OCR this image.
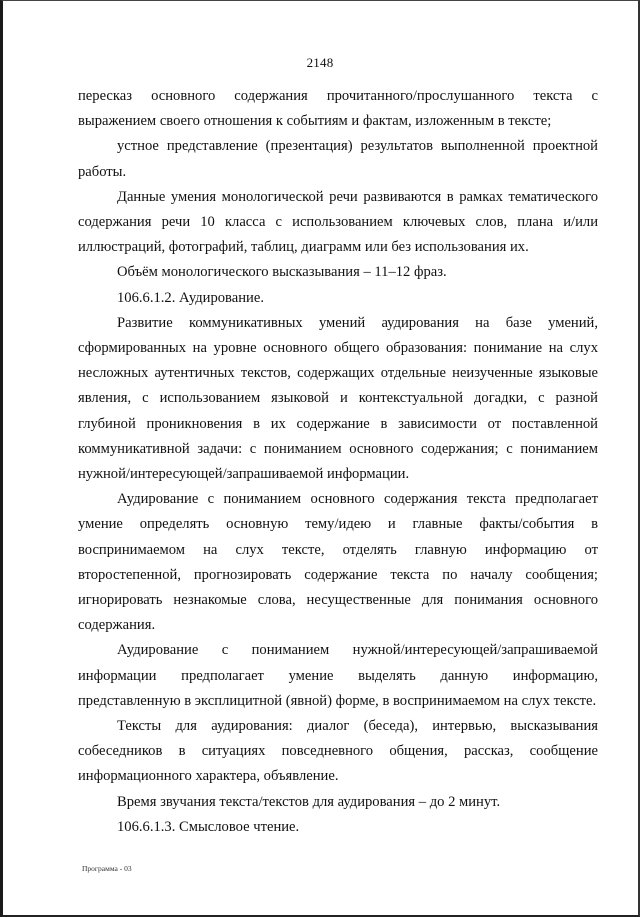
2148

пересказ основного содержания прочитанного/прослушанного текста с выражением своего отношения к событиям и фактам, изложенным в тексте;

устное представление (презентация) результатов выполненной проектной работы.

Данные умения монологической речи развиваются в рамках тематического содержания речи 10 класса с использованием ключевых слов, плана и/или иллюстраций, фотографий, таблиц, диаграмм или без использования их.

Объём монологического высказывания – 11–12 фраз.

106.6.1.2. Аудирование.

Развитие коммуникативных умений аудирования на базе умений, сформированных на уровне основного общего образования: понимание на слух несложных аутентичных текстов, содержащих отдельные неизученные языковые явления, с использованием языковой и контекстуальной догадки, с разной глубиной проникновения в их содержание в зависимости от поставленной коммуникативной задачи: с пониманием основного содержания; с пониманием нужной/интересующей/запрашиваемой информации.

Аудирование с пониманием основного содержания текста предполагает умение определять основную тему/идею и главные факты/события в воспринимаемом на слух тексте, отделять главную информацию от второстепенной, прогнозировать содержание текста по началу сообщения; игнорировать незнакомые слова, несущественные для понимания основного содержания.

Аудирование с пониманием нужной/интересующей/запрашиваемой информации предполагает умение выделять данную информацию, представленную в эксплицитной (явной) форме, в воспринимаемом на слух тексте.

Тексты для аудирования: диалог (беседа), интервью, высказывания собеседников в ситуациях повседневного общения, рассказ, сообщение информационного характера, объявление.

Время звучания текста/текстов для аудирования – до 2 минут.

106.6.1.3. Смысловое чтение.

Программа - 03
